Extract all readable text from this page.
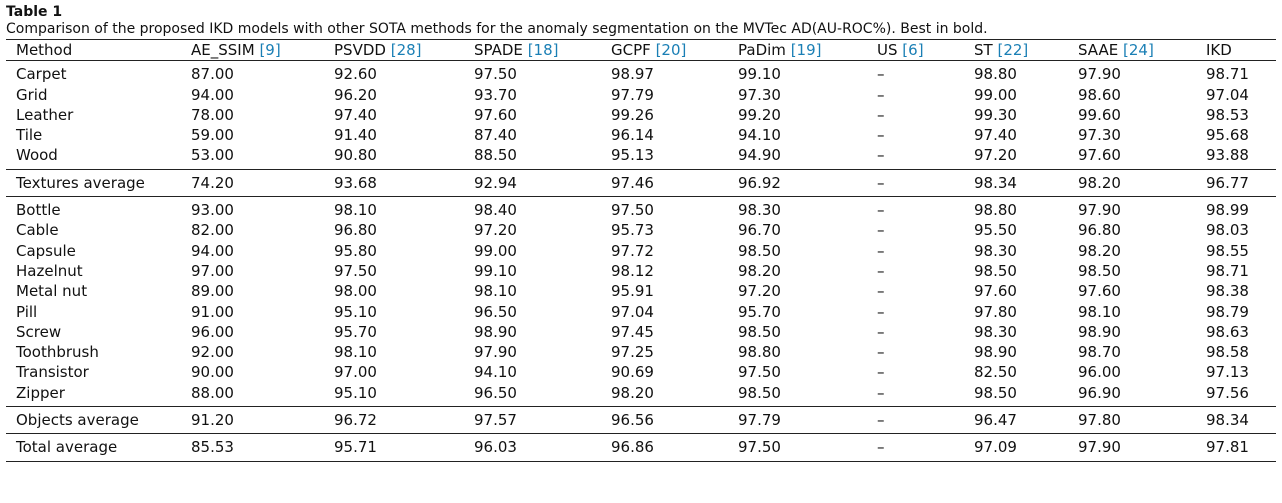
Table 1
Comparison of the proposed IKD models with other SOTA methods for the anomaly segmentation on the MVTec AD(AU-ROC%). Best in bold.
Method	AE_SSIM [9]	PSVDD [28]	SPADE [18]	GCPF [20]	PaDim [19]	US [6]	ST [22]	SAAE [24]	IKD
Carpet	87.00	92.60	97.50	98.97	99.10	–	98.80	97.90	98.71
Grid	94.00	96.20	93.70	97.79	97.30	–	99.00	98.60	97.04
Leather	78.00	97.40	97.60	99.26	99.20	–	99.30	99.60	98.53
Tile	59.00	91.40	87.40	96.14	94.10	–	97.40	97.30	95.68
Wood	53.00	90.80	88.50	95.13	94.90	–	97.20	97.60	93.88
Textures average	74.20	93.68	92.94	97.46	96.92	–	98.34	98.20	96.77
Bottle	93.00	98.10	98.40	97.50	98.30	–	98.80	97.90	98.99
Cable	82.00	96.80	97.20	95.73	96.70	–	95.50	96.80	98.03
Capsule	94.00	95.80	99.00	97.72	98.50	–	98.30	98.20	98.55
Hazelnut	97.00	97.50	99.10	98.12	98.20	–	98.50	98.50	98.71
Metal nut	89.00	98.00	98.10	95.91	97.20	–	97.60	97.60	98.38
Pill	91.00	95.10	96.50	97.04	95.70	–	97.80	98.10	98.79
Screw	96.00	95.70	98.90	97.45	98.50	–	98.30	98.90	98.63
Toothbrush	92.00	98.10	97.90	97.25	98.80	–	98.90	98.70	98.58
Transistor	90.00	97.00	94.10	90.69	97.50	–	82.50	96.00	97.13
Zipper	88.00	95.10	96.50	98.20	98.50	–	98.50	96.90	97.56
Objects average	91.20	96.72	97.57	96.56	97.79	–	96.47	97.80	98.34
Total average	85.53	95.71	96.03	96.86	97.50	–	97.09	97.90	97.81
